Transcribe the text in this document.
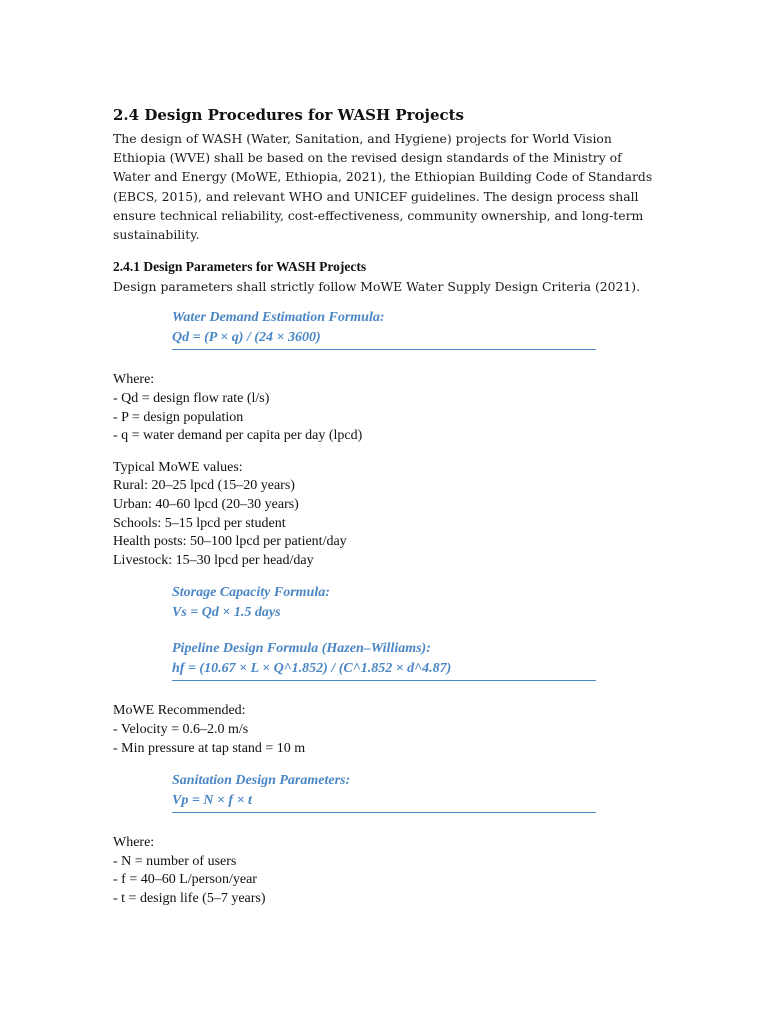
2.4 Design Procedures for WASH Projects

The design of WASH (Water, Sanitation, and Hygiene) projects for World Vision Ethiopia (WVE) shall be based on the revised design standards of the Ministry of Water and Energy (MoWE, Ethiopia, 2021), the Ethiopian Building Code of Standards (EBCS, 2015), and relevant WHO and UNICEF guidelines. The design process shall ensure technical reliability, cost-effectiveness, community ownership, and long-term sustainability.

2.4.1 Design Parameters for WASH Projects
Design parameters shall strictly follow MoWE Water Supply Design Criteria (2021).
Water Demand Estimation Formula:
Qd = (P × q) / (24 × 3600)
Where:
- Qd = design flow rate (l/s)
- P = design population
- q = water demand per capita per day (lpcd)
Typical MoWE values:
Rural: 20–25 lpcd (15–20 years)
Urban: 40–60 lpcd (20–30 years)
Schools: 5–15 lpcd per student
Health posts: 50–100 lpcd per patient/day
Livestock: 15–30 lpcd per head/day
Storage Capacity Formula:
Vs = Qd × 1.5 days
Pipeline Design Formula (Hazen–Williams):
hf = (10.67 × L × Q^1.852) / (C^1.852 × d^4.87)
MoWE Recommended:
- Velocity = 0.6–2.0 m/s
- Min pressure at tap stand = 10 m
Sanitation Design Parameters:
Vp = N × f × t
Where:
- N = number of users
- f = 40–60 L/person/year
- t = design life (5–7 years)
